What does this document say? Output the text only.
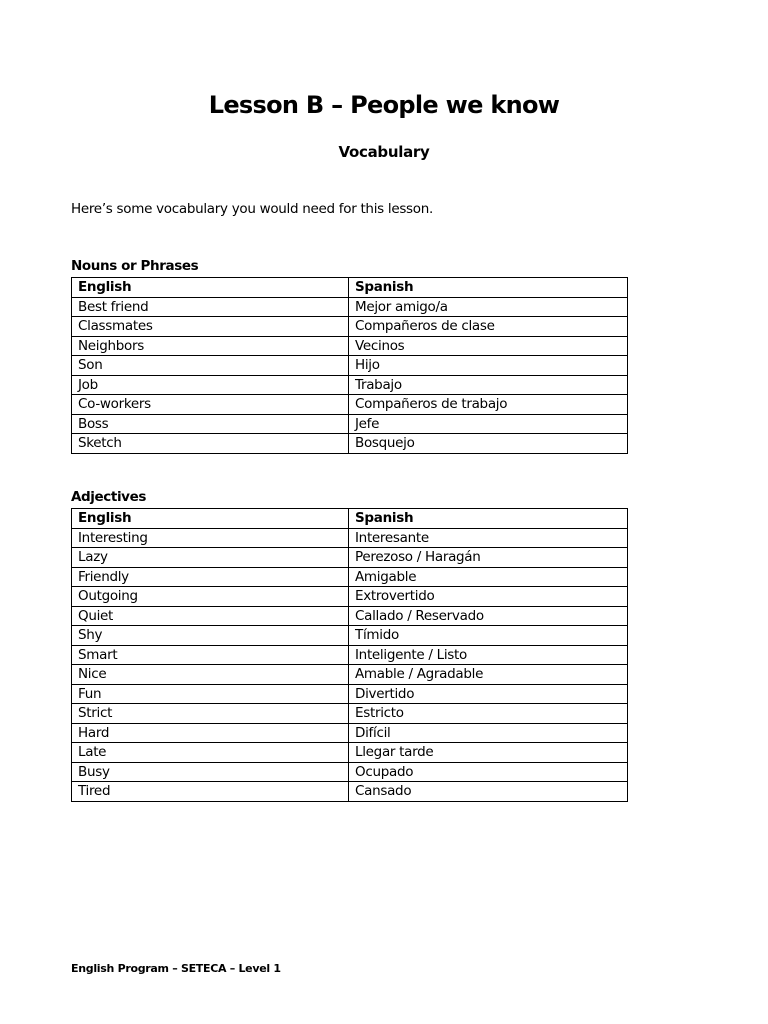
Lesson B – People we know
Vocabulary

Here’s some vocabulary you would need for this lesson.

Nouns or Phrases

English	Spanish
Best friend	Mejor amigo/a
Classmates	Compañeros de clase
Neighbors	Vecinos
Son	Hijo
Job	Trabajo
Co-workers	Compañeros de trabajo
Boss	Jefe
Sketch	Bosquejo

Adjectives

English	Spanish
Interesting	Interesante
Lazy	Perezoso / Haragán
Friendly	Amigable
Outgoing	Extrovertido
Quiet	Callado / Reservado
Shy	Tímido
Smart	Inteligente / Listo
Nice	Amable / Agradable
Fun	Divertido
Strict	Estricto
Hard	Difícil
Late	Llegar tarde
Busy	Ocupado
Tired	Cansado

English Program – SETECA – Level 1
